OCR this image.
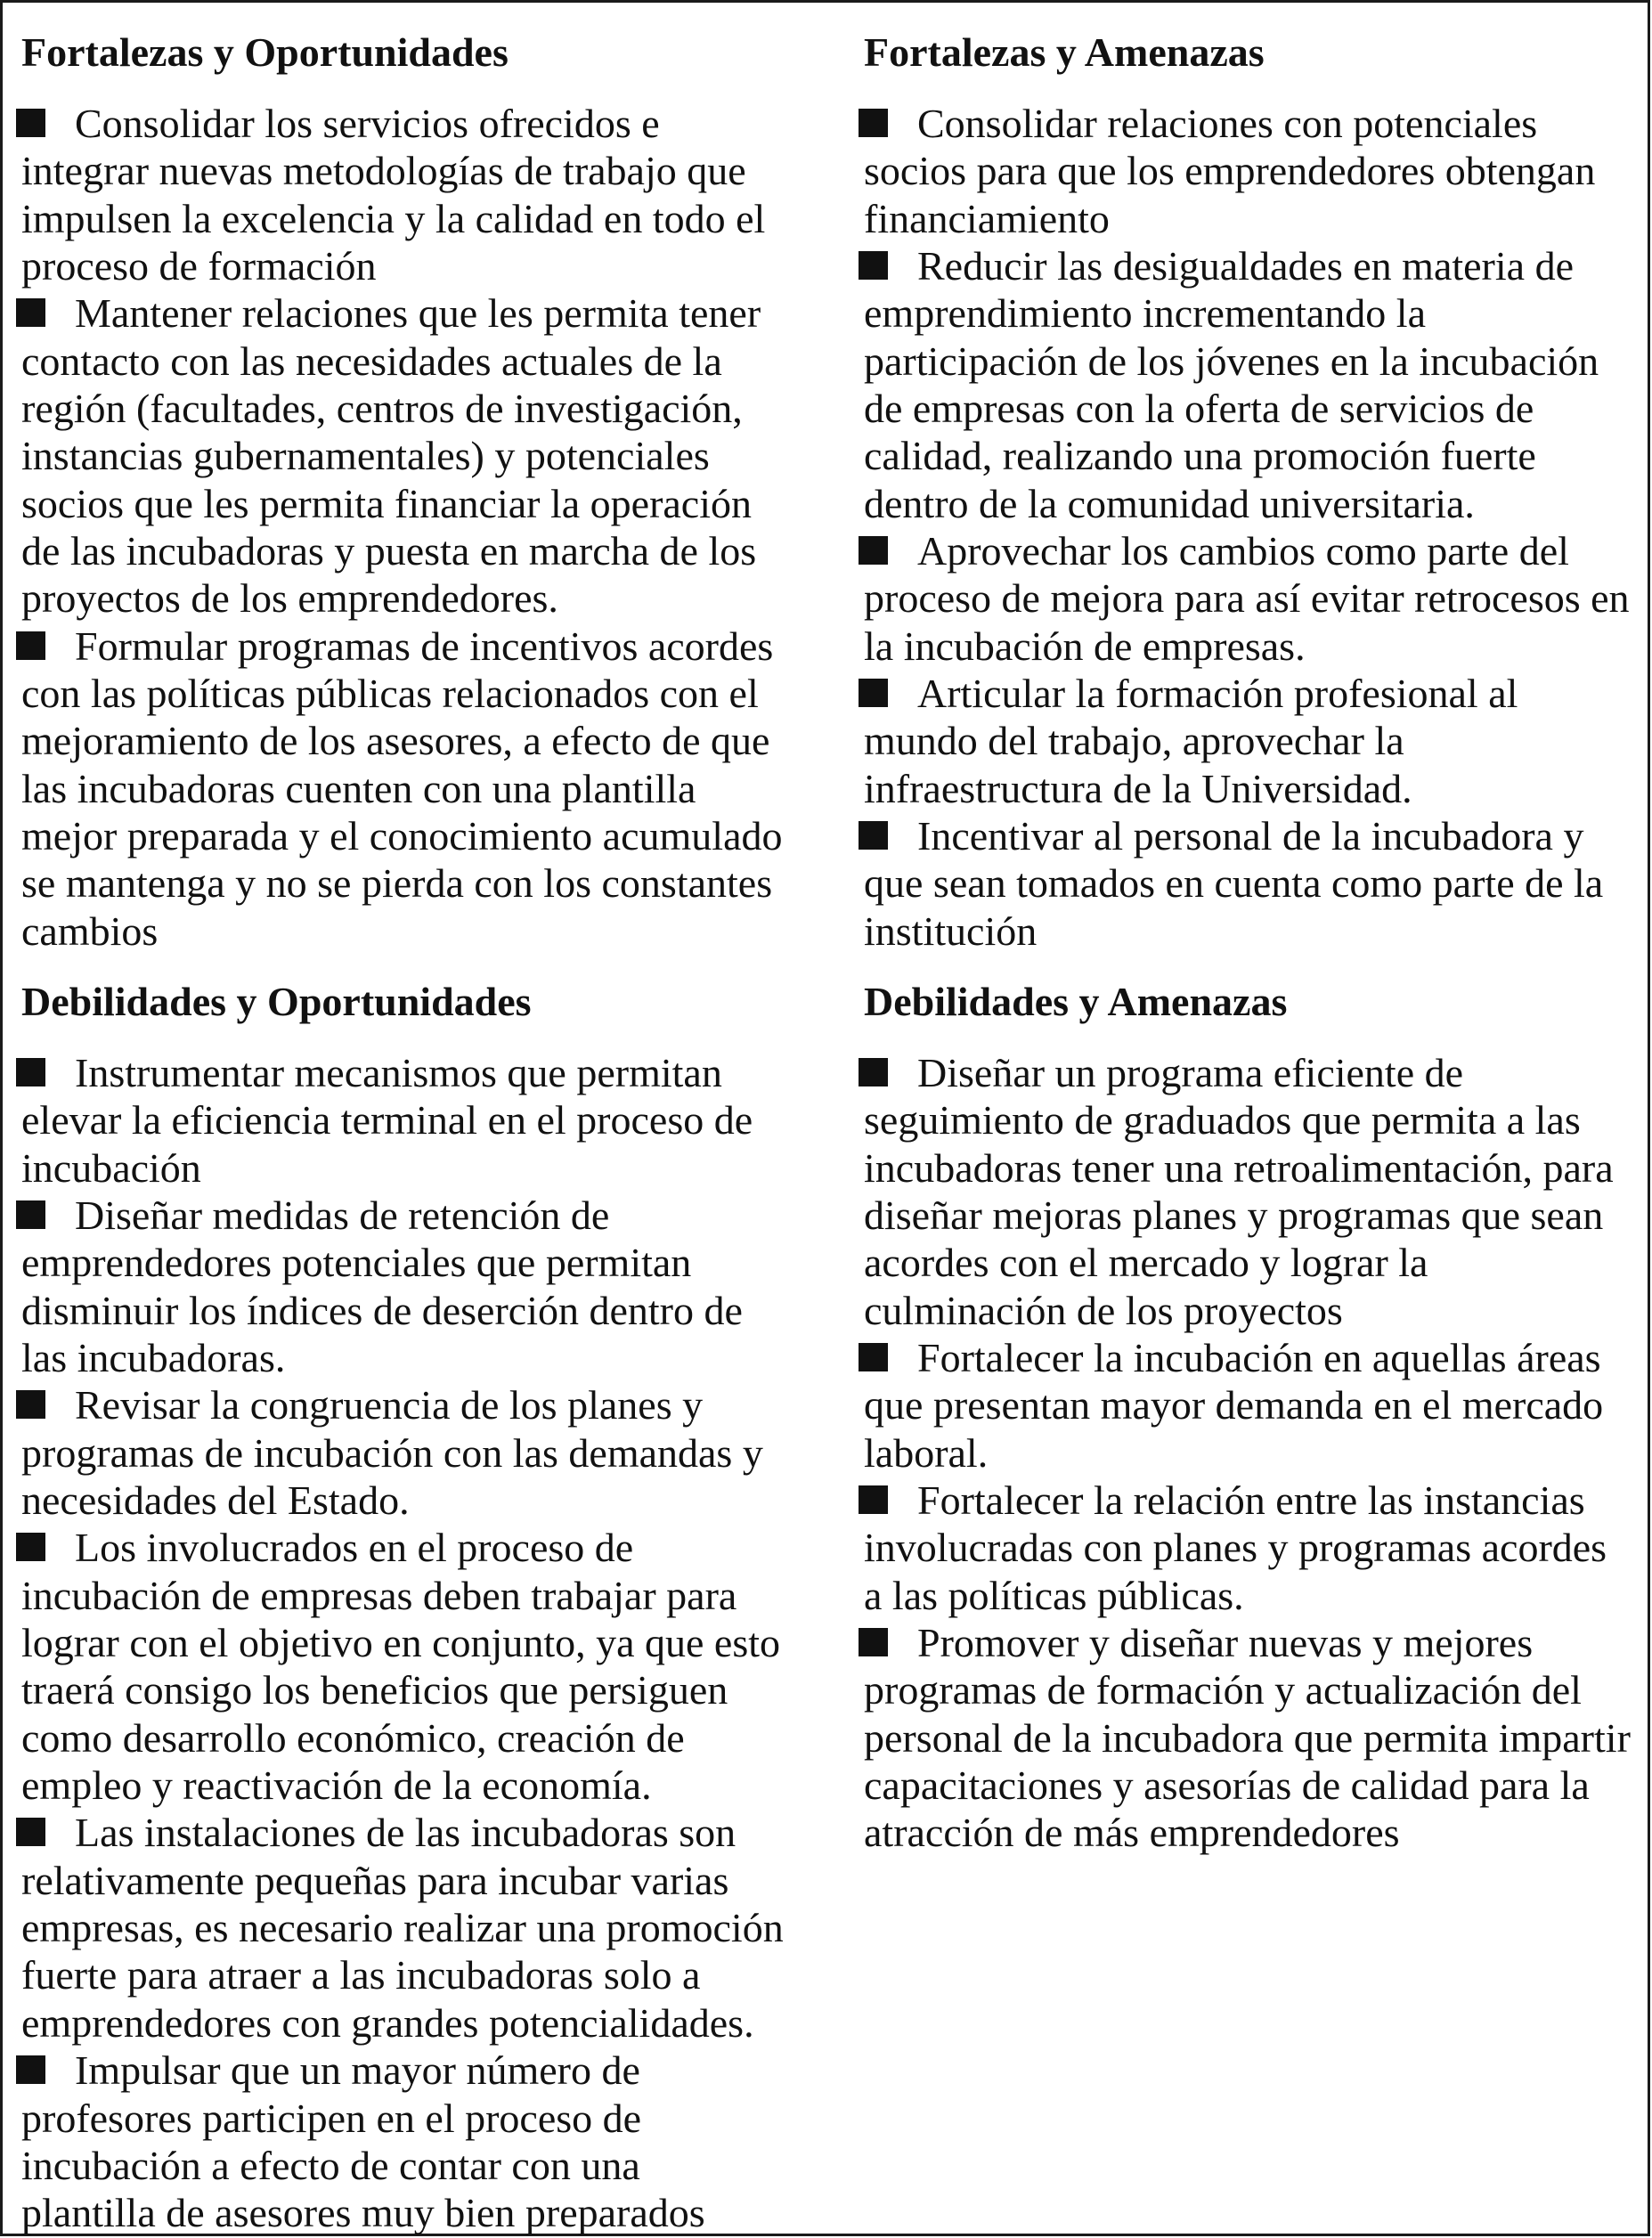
Fortalezas y Oportunidades
Consolidar los servicios ofrecidos e
integrar nuevas metodologías de trabajo que
impulsen la excelencia y la calidad en todo el
proceso de formación
Mantener relaciones que les permita tener
contacto con las necesidades actuales de la
región (facultades, centros de investigación,
instancias gubernamentales) y potenciales
socios que les permita financiar la operación
de las incubadoras y puesta en marcha de los
proyectos de los emprendedores.
Formular programas de incentivos acordes
con las políticas públicas relacionados con el
mejoramiento de los asesores, a efecto de que
las incubadoras cuenten con una plantilla
mejor preparada y el conocimiento acumulado
se mantenga y no se pierda con los constantes
cambios
Fortalezas y Amenazas
Consolidar relaciones con potenciales
socios para que los emprendedores obtengan
financiamiento
Reducir las desigualdades en materia de
emprendimiento incrementando la
participación de los jóvenes en la incubación
de empresas con la oferta de servicios de
calidad, realizando una promoción fuerte
dentro de la comunidad universitaria.
Aprovechar los cambios como parte del
proceso de mejora para así evitar retrocesos en
la incubación de empresas.
Articular la formación profesional al
mundo del trabajo, aprovechar la
infraestructura de la Universidad.
Incentivar al personal de la incubadora y
que sean tomados en cuenta como parte de la
institución
Debilidades y Oportunidades
Instrumentar mecanismos que permitan
elevar la eficiencia terminal en el proceso de
incubación
Diseñar medidas de retención de
emprendedores potenciales que permitan
disminuir los índices de deserción dentro de
las incubadoras.
Revisar la congruencia de los planes y
programas de incubación con las demandas y
necesidades del Estado.
Los involucrados en el proceso de
incubación de empresas deben trabajar para
lograr con el objetivo en conjunto, ya que esto
traerá consigo los beneficios que persiguen
como desarrollo económico, creación de
empleo y reactivación de la economía.
Las instalaciones de las incubadoras son
relativamente pequeñas para incubar varias
empresas, es necesario realizar una promoción
fuerte para atraer a las incubadoras solo a
emprendedores con grandes potencialidades.
Impulsar que un mayor número de
profesores participen en el proceso de
incubación a efecto de contar con una
plantilla de asesores muy bien preparados
Debilidades y Amenazas
Diseñar un programa eficiente de
seguimiento de graduados que permita a las
incubadoras tener una retroalimentación, para
diseñar mejoras planes y programas que sean
acordes con el mercado y lograr la
culminación de los proyectos
Fortalecer la incubación en aquellas áreas
que presentan mayor demanda en el mercado
laboral.
Fortalecer la relación entre las instancias
involucradas con planes y programas acordes
a las políticas públicas.
Promover y diseñar nuevas y mejores
programas de formación y actualización del
personal de la incubadora que permita impartir
capacitaciones y asesorías de calidad para la
atracción de más emprendedores
